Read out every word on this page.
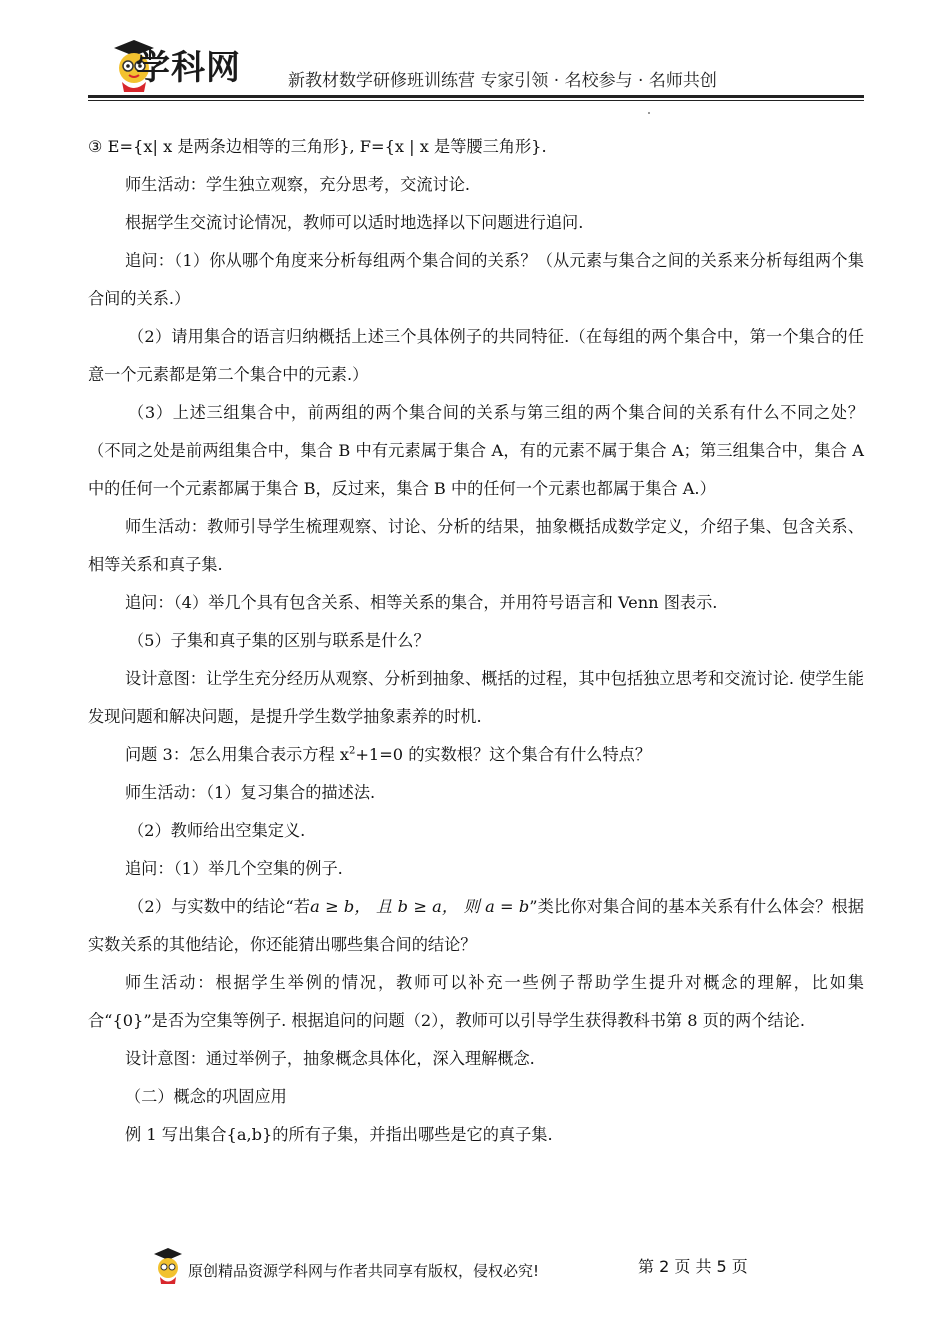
学科网	新教材数学研修班训练营 专家引领 · 名校参与 · 名师共创

③ E={x| x 是两条边相等的三角形}, F={x | x 是等腰三角形}.

师生活动：学生独立观察，充分思考，交流讨论.

根据学生交流讨论情况，教师可以适时地选择以下问题进行追问.

追问：（1）你从哪个角度来分析每组两个集合间的关系？（从元素与集合之间的关系来分析每组两个集合间的关系.）

（2）请用集合的语言归纳概括上述三个具体例子的共同特征.（在每组的两个集合中，第一个集合的任意一个元素都是第二个集合中的元素.）

（3）上述三组集合中，前两组的两个集合间的关系与第三组的两个集合间的关系有什么不同之处？（不同之处是前两组集合中，集合 B 中有元素属于集合 A，有的元素不属于集合 A；第三组集合中，集合 A 中的任何一个元素都属于集合 B，反过来，集合 B 中的任何一个元素也都属于集合 A.）

师生活动：教师引导学生梳理观察、讨论、分析的结果，抽象概括成数学定义，介绍子集、包含关系、相等关系和真子集.

追问：（4）举几个具有包含关系、相等关系的集合，并用符号语言和 Venn 图表示.

（5）子集和真子集的区别与联系是什么？

设计意图：让学生充分经历从观察、分析到抽象、概括的过程，其中包括独立思考和交流讨论. 使学生能发现问题和解决问题，是提升学生数学抽象素养的时机.

问题 3：怎么用集合表示方程 $x^2+1=0$ 的实数根？这个集合有什么特点？

师生活动：（1）复习集合的描述法.

（2）教师给出空集定义.

追问：（1）举几个空集的例子.

（2）与实数中的结论“若a ≥ b， 且 b ≥ a， 则 a = b”类比你对集合间的基本关系有什么体会？根据实数关系的其他结论，你还能猜出哪些集合间的结论？

师生活动：根据学生举例的情况，教师可以补充一些例子帮助学生提升对概念的理解，比如集合“{0}”是否为空集等例子. 根据追问的问题（2），教师可以引导学生获得教科书第 8 页的两个结论.

设计意图：通过举例子，抽象概念具体化，深入理解概念.

（二）概念的巩固应用

例 1 写出集合{a,b}的所有子集，并指出哪些是它的真子集.

原创精品资源学科网与作者共同享有版权，侵权必究!	第 2 页 共 5 页
